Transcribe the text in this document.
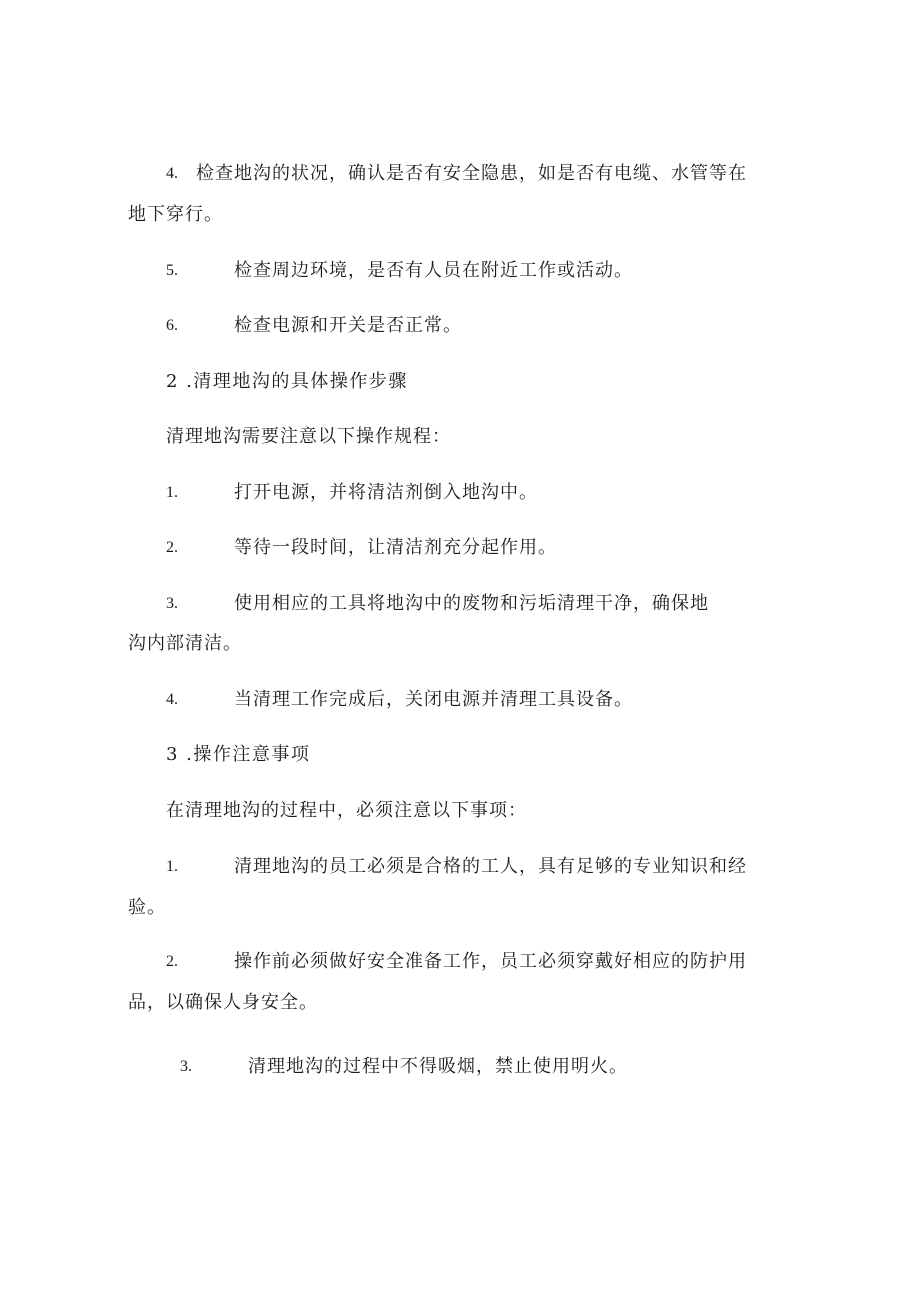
4. 检查地沟的状况，确认是否有安全隐患，如是否有电缆、水管等在
地下穿行。
5.	检查周边环境，是否有人员在附近工作或活动。
6.	检查电源和开关是否正常。
2 .清理地沟的具体操作步骤
清理地沟需要注意以下操作规程：
1.	打开电源，并将清洁剂倒入地沟中。
2.	等待一段时间，让清洁剂充分起作用。
3.	使用相应的工具将地沟中的废物和污垢清理干净，确保地
沟内部清洁。
4.	当清理工作完成后，关闭电源并清理工具设备。
3 .操作注意事项
在清理地沟的过程中，必须注意以下事项：
1.	清理地沟的员工必须是合格的工人，具有足够的专业知识和经
验。
2.	操作前必须做好安全准备工作，员工必须穿戴好相应的防护用
品，以确保人身安全。
3.	清理地沟的过程中不得吸烟，禁止使用明火。
